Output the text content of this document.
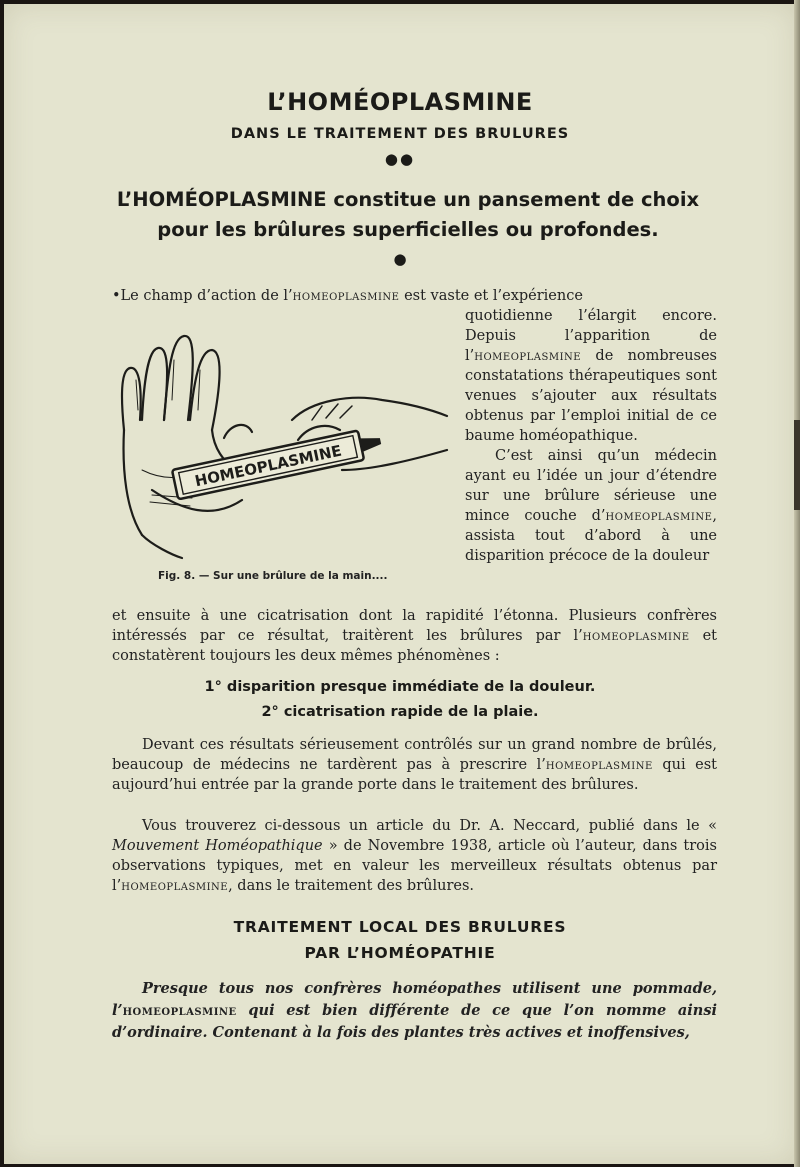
L’HOMÉOPLASMINE
DANS LE TRAITEMENT DES BRULURES
●●
L’HOMÉOPLASMINE constitue un pansement de choix pour les brûlures superficielles ou profondes.
●
•Le champ d’action de l’homeoplasmine est vaste et l’expérience
quotidienne l’élargit encore. Depuis l’apparition de l’homeoplasmine de nombreuses constatations thérapeutiques sont venues s’ajouter aux résultats obtenus par l’emploi initial de ce baume homéopathique.
C’est ainsi qu’un médecin ayant eu l’idée un jour d’étendre sur une brûlure sérieuse une mince couche d’homeoplasmine, assista tout d’abord à une disparition précoce de la douleur
HOMEOPLASMINE
Fig. 8. — Sur une brûlure de la main....
et ensuite à une cicatrisation dont la rapidité l’étonna. Plusieurs confrères intéressés par ce résultat, traitèrent les brûlures par l’homeoplasmine et constatèrent toujours les deux mêmes phénomènes :
1° disparition presque immédiate de la douleur.
2° cicatrisation rapide de la plaie.
Devant ces résultats sérieusement contrôlés sur un grand nombre de brûlés, beaucoup de médecins ne tardèrent pas à prescrire l’homeoplasmine qui est aujourd’hui entrée par la grande porte dans le traitement des brûlures.
Vous trouverez ci-dessous un article du Dr. A. Neccard, publié dans le « Mouvement Homéopathique » de Novembre 1938, article où l’auteur, dans trois observations typiques, met en valeur les merveilleux résultats obtenus par l’homeoplasmine, dans le traitement des brûlures.
TRAITEMENT LOCAL DES BRULURES
PAR L’HOMÉOPATHIE
Presque tous nos confrères homéopathes utilisent une pommade, l’homeoplasmine qui est bien différente de ce que l’on nomme ainsi d’ordinaire. Contenant à la fois des plantes très actives et inoffensives,
